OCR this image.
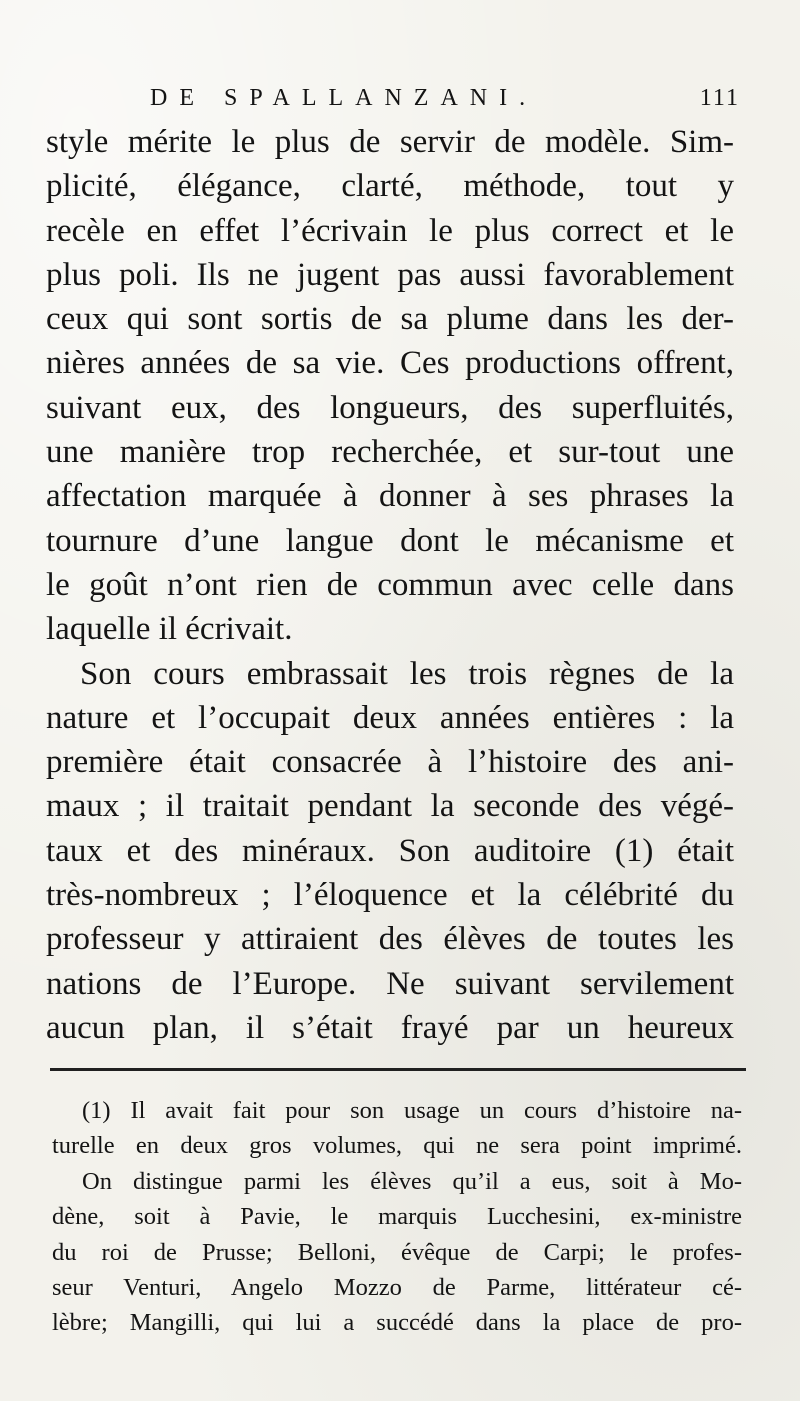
DE SPALLANZANI.	111
style mérite le plus de servir de modèle. Sim-
plicité, élégance, clarté, méthode, tout y
recèle en effet l’écrivain le plus correct et le
plus poli. Ils ne jugent pas aussi favorablement
ceux qui sont sortis de sa plume dans les der-
nières années de sa vie. Ces productions offrent,
suivant eux, des longueurs, des superfluités,
une manière trop recherchée, et sur-tout une
affectation marquée à donner à ses phrases la
tournure d’une langue dont le mécanisme et
le goût n’ont rien de commun avec celle dans
laquelle il écrivait.
Son cours embrassait les trois règnes de la
nature et l’occupait deux années entières : la
première était consacrée à l’histoire des ani-
maux ; il traitait pendant la seconde des végé-
taux et des minéraux. Son auditoire (1) était
très-nombreux ; l’éloquence et la célébrité du
professeur y attiraient des élèves de toutes les
nations de l’Europe. Ne suivant servilement
aucun plan, il s’était frayé par un heureux
(1) Il avait fait pour son usage un cours d’histoire na-
turelle en deux gros volumes, qui ne sera point imprimé.
On distingue parmi les élèves qu’il a eus, soit à Mo-
dène, soit à Pavie, le marquis Lucchesini, ex-ministre
du roi de Prusse; Belloni, évêque de Carpi; le profes-
seur Venturi, Angelo Mozzo de Parme, littérateur cé-
lèbre; Mangilli, qui lui a succédé dans la place de pro-
